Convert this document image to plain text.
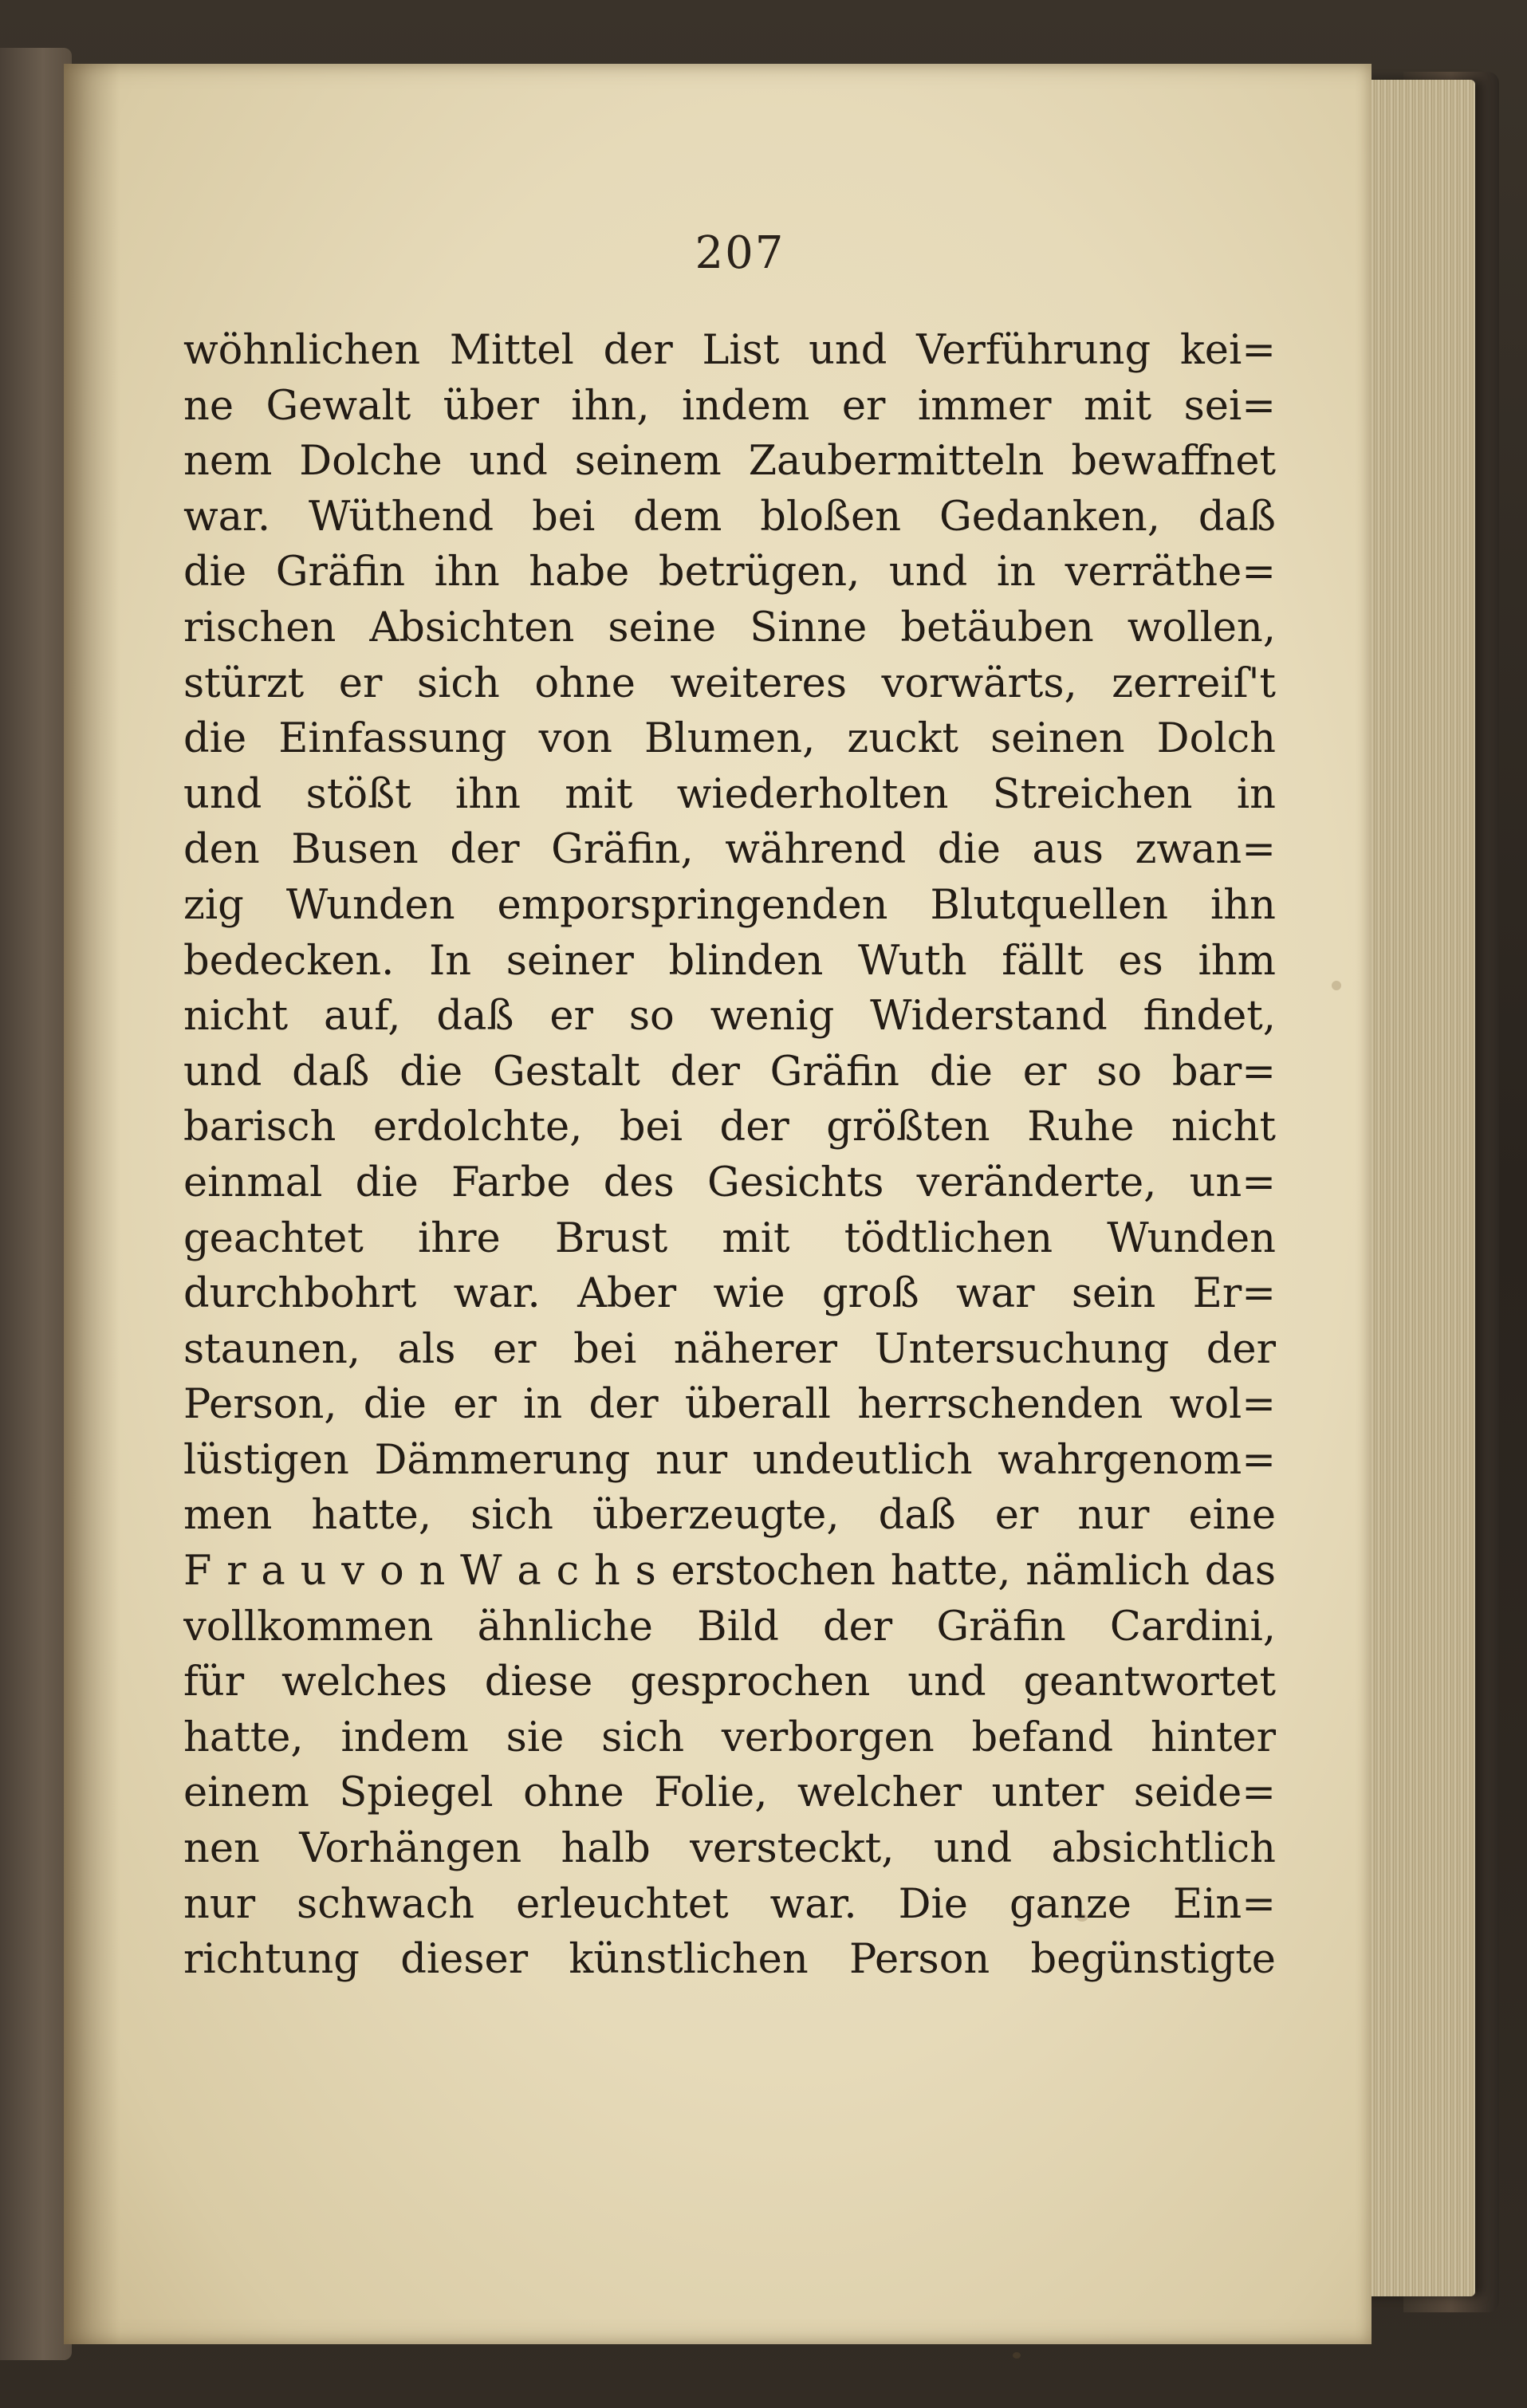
207
wöhnlichen Mittel der List und Verführung kei=
ne Gewalt über ihn, indem er immer mit sei=
nem Dolche und seinem Zaubermitteln bewaffnet
war. Wüthend bei dem bloßen Gedanken, daß
die Gräfin ihn habe betrügen, und in verräthe=
rischen Absichten seine Sinne betäuben wollen,
stürzt er sich ohne weiteres vorwärts, zerreiſ't
die Einfassung von Blumen, zuckt seinen Dolch
und stößt ihn mit wiederholten Streichen in
den Busen der Gräfin, während die aus zwan=
zig Wunden emporspringenden Blutquellen ihn
bedecken. In seiner blinden Wuth fällt es ihm
nicht auf, daß er so wenig Widerstand findet,
und daß die Gestalt der Gräfin die er so bar=
barisch erdolchte, bei der größten Ruhe nicht
einmal die Farbe des Gesichts veränderte, un=
geachtet ihre Brust mit tödtlichen Wunden
durchbohrt war. Aber wie groß war sein Er=
staunen, als er bei näherer Untersuchung der
Person, die er in der überall herrschenden wol=
lüstigen Dämmerung nur undeutlich wahrgenom=
men hatte, sich überzeugte, daß er nur eine
F r a u v o n W a c h s erstochen hatte, nämlich das
vollkommen ähnliche Bild der Gräfin Cardini,
für welches diese gesprochen und geantwortet
hatte, indem sie sich verborgen befand hinter
einem Spiegel ohne Folie, welcher unter seide=
nen Vorhängen halb versteckt, und absichtlich
nur schwach erleuchtet war. Die ganze Ein=
richtung dieser künstlichen Person begünstigte
